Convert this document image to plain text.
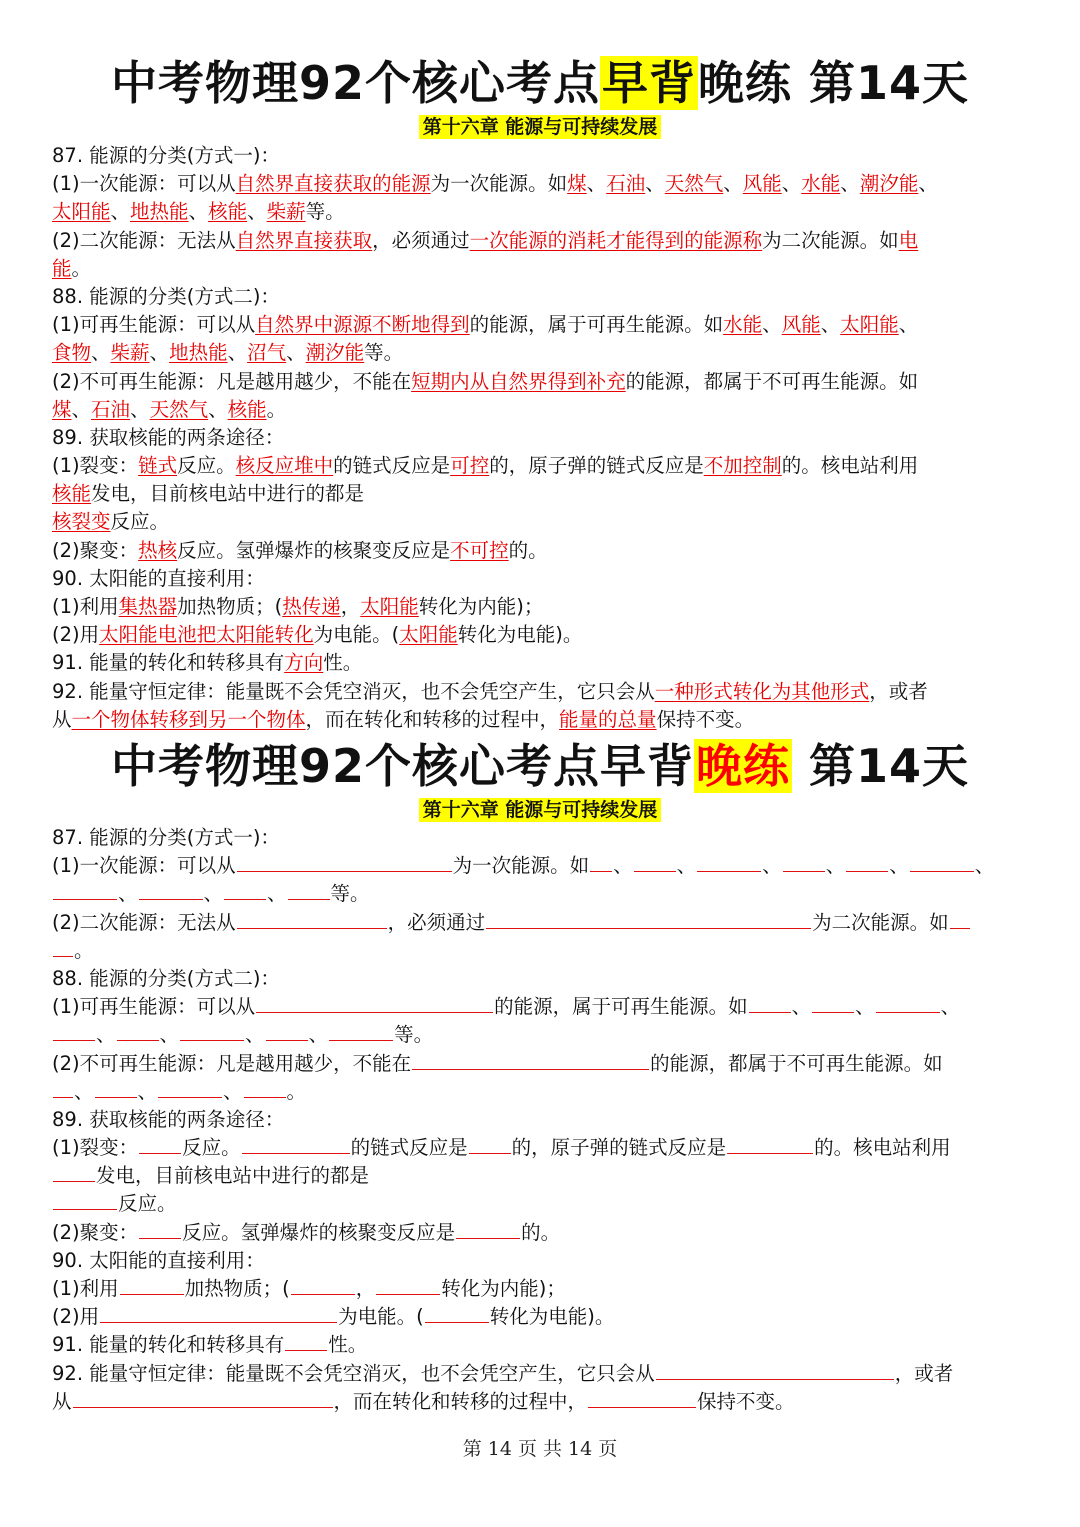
中考物理92个核心考点早背晚练 第14天
第十六章 能源与可持续发展
87. 能源的分类(方式一)：
(1)一次能源：可以从自然界直接获取的能源为一次能源。如煤、石油、天然气、风能、水能、潮汐能、
太阳能、地热能、核能、柴薪等。
(2)二次能源：无法从自然界直接获取，必须通过一次能源的消耗才能得到的能源称为二次能源。如电
能。
88. 能源的分类(方式二)：
(1)可再生能源：可以从自然界中源源不断地得到的能源，属于可再生能源。如水能、风能、太阳能、
食物、柴薪、地热能、沼气、潮汐能等。
(2)不可再生能源：凡是越用越少，不能在短期内从自然界得到补充的能源，都属于不可再生能源。如
煤、石油、天然气、核能。
89. 获取核能的两条途径：
(1)裂变：链式反应。核反应堆中的链式反应是可控的，原子弹的链式反应是不加控制的。核电站利用
核能发电，目前核电站中进行的都是
核裂变反应。
(2)聚变：热核反应。氢弹爆炸的核聚变反应是不可控的。
90. 太阳能的直接利用：
(1)利用集热器加热物质；(热传递，太阳能转化为内能)；
(2)用太阳能电池把太阳能转化为电能。(太阳能转化为电能)。
91. 能量的转化和转移具有方向性。
92. 能量守恒定律：能量既不会凭空消灭，也不会凭空产生，它只会从一种形式转化为其他形式，或者
从一个物体转移到另一个物体，而在转化和转移的过程中，能量的总量保持不变。
中考物理92个核心考点早背晚练 第14天
第十六章 能源与可持续发展
87. 能源的分类(方式一)：
(1)一次能源：可以从	为一次能源。如 、 、	、 、 、	、
、	、 、 等。
(2)二次能源：无法从	，必须通过	为二次能源。如
。
88. 能源的分类(方式二)：
(1)可再生能源：可以从	的能源，属于可再生能源。如 、 、	、
、 、	、 、	等。
(2)不可再生能源：凡是越用越少，不能在	的能源，都属于不可再生能源。如
、 、	、 。
89. 获取核能的两条途径：
(1)裂变： 反应。	的链式反应是 的，原子弹的链式反应是	的。核电站利用
发电，目前核电站中进行的都是
反应。
(2)聚变： 反应。氢弹爆炸的核聚变反应是	的。
90. 太阳能的直接利用：
(1)利用	加热物质；(	，	转化为内能)；
(2)用	为电能。(	转化为电能)。
91. 能量的转化和转移具有 性。
92. 能量守恒定律：能量既不会凭空消灭，也不会凭空产生，它只会从	，或者
从	，而在转化和转移的过程中，	保持不变。
第 14 页 共 14 页
